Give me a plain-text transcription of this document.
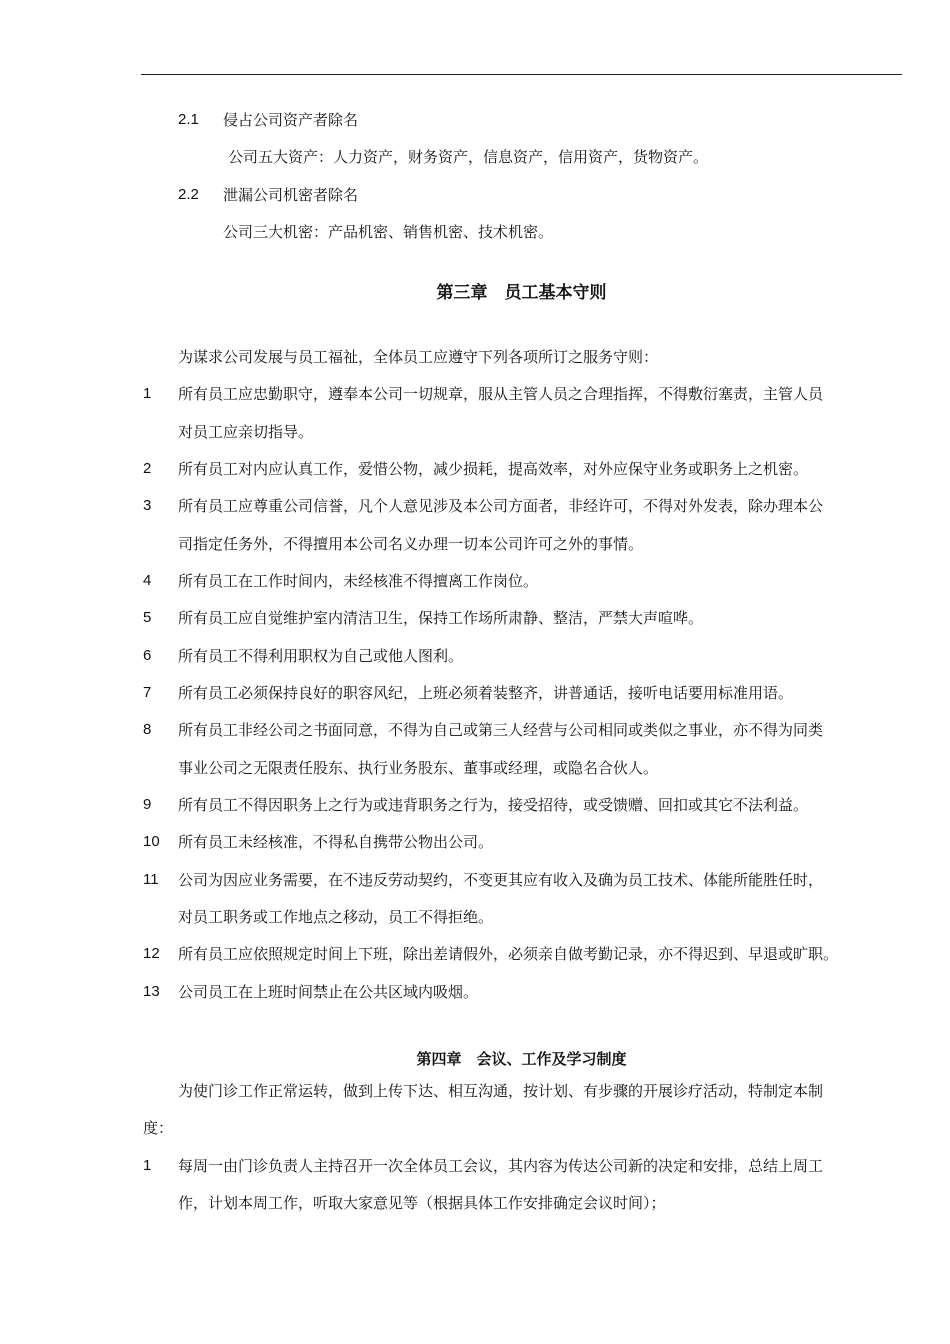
2.1 侵占公司资产者除名
公司五大资产：人力资产，财务资产，信息资产，信用资产，货物资产。
2.2 泄漏公司机密者除名
公司三大机密：产品机密、销售机密、技术机密。
第三章　员工基本守则
为谋求公司发展与员工福祉，全体员工应遵守下列各项所订之服务守则：
1 所有员工应忠勤职守，遵奉本公司一切规章，服从主管人员之合理指挥，不得敷衍塞责，主管人员
对员工应亲切指导。
2 所有员工对内应认真工作，爱惜公物，减少损耗，提高效率，对外应保守业务或职务上之机密。
3 所有员工应尊重公司信誉，凡个人意见涉及本公司方面者，非经许可，不得对外发表，除办理本公
司指定任务外，不得擅用本公司名义办理一切本公司许可之外的事情。
4 所有员工在工作时间内，未经核准不得擅离工作岗位。
5 所有员工应自觉维护室内清洁卫生，保持工作场所肃静、整洁，严禁大声喧哗。
6 所有员工不得利用职权为自己或他人图利。
7 所有员工必须保持良好的职容风纪，上班必须着装整齐，讲普通话，接听电话要用标准用语。
8 所有员工非经公司之书面同意，不得为自己或第三人经营与公司相同或类似之事业，亦不得为同类
事业公司之无限责任股东、执行业务股东、董事或经理，或隐名合伙人。
9 所有员工不得因职务上之行为或违背职务之行为，接受招待，或受馈赠、回扣或其它不法利益。
10 所有员工未经核准，不得私自携带公物出公司。
11 公司为因应业务需要，在不违反劳动契约，不变更其应有收入及确为员工技术、体能所能胜任时，
对员工职务或工作地点之移动，员工不得拒绝。
12 所有员工应依照规定时间上下班，除出差请假外，必须亲自做考勤记录，亦不得迟到、早退或旷职。
13 公司员工在上班时间禁止在公共区域内吸烟。
第四章　会议、工作及学习制度
为使门诊工作正常运转，做到上传下达、相互沟通，按计划、有步骤的开展诊疗活动，特制定本制
度：
1 每周一由门诊负责人主持召开一次全体员工会议，其内容为传达公司新的决定和安排，总结上周工
作，计划本周工作，听取大家意见等（根据具体工作安排确定会议时间）；
